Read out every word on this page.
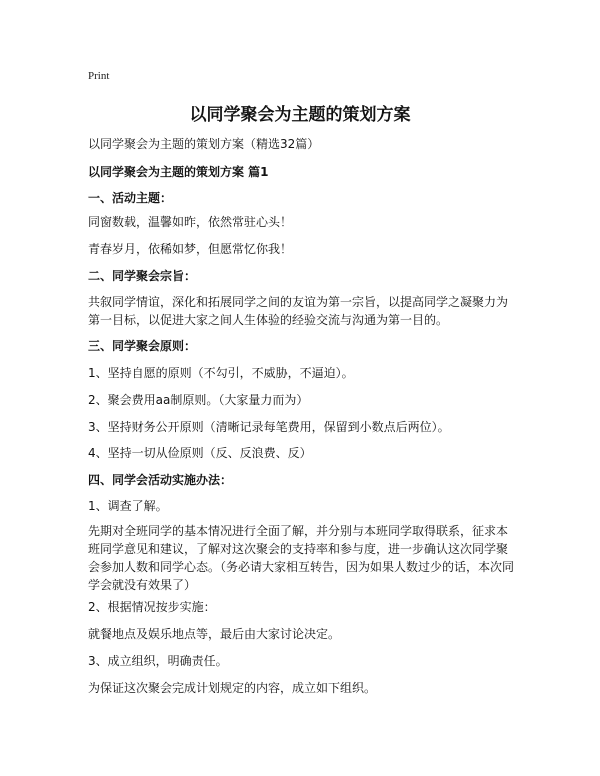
Print
以同学聚会为主题的策划方案
以同学聚会为主题的策划方案（精选32篇）
以同学聚会为主题的策划方案 篇1
一、活动主题：
同窗数载，温馨如昨，依然常驻心头！
青春岁月，依稀如梦，但愿常忆你我！
二、同学聚会宗旨：
共叙同学情谊，深化和拓展同学之间的友谊为第一宗旨，以提高同学之凝聚力为第一目标，以促进大家之间人生体验的经验交流与沟通为第一目的。
三、同学聚会原则：
1、坚持自愿的原则（不勾引，不威胁，不逼迫）。
2、聚会费用aa制原则。（大家量力而为）
3、坚持财务公开原则（清晰记录每笔费用，保留到小数点后两位）。
4、坚持一切从俭原则（反、反浪费、反）
四、同学会活动实施办法：
1、调查了解。
先期对全班同学的基本情况进行全面了解，并分别与本班同学取得联系，征求本班同学意见和建议，了解对这次聚会的支持率和参与度，进一步确认这次同学聚会参加人数和同学心态。（务必请大家相互转告，因为如果人数过少的话，本次同学会就没有效果了）
2、根据情况按步实施：
就餐地点及娱乐地点等，最后由大家讨论决定。
3、成立组织，明确责任。
为保证这次聚会完成计划规定的内容，成立如下组织。
